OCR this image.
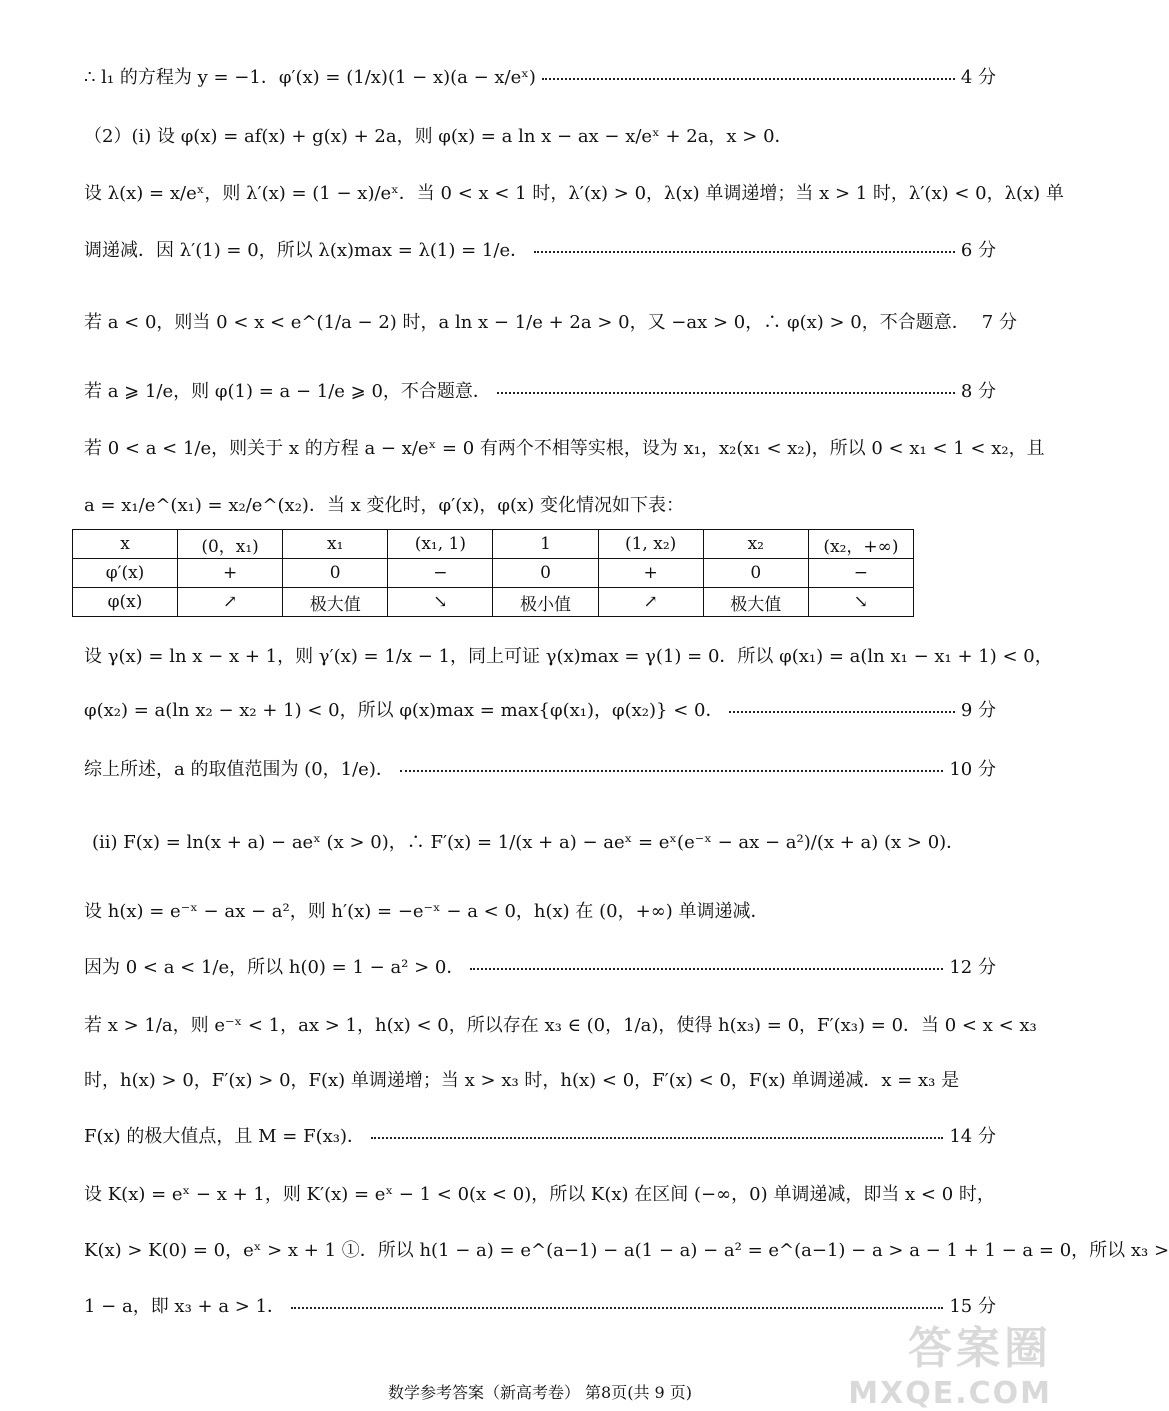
∴ l₁ 的方程为 y = −1．φ′(x) = (1/x)(1 − x)(a − x/eˣ)	4 分
（2）(i) 设 φ(x) = af(x) + g(x) + 2a，则 φ(x) = a ln x − ax − x/eˣ + 2a，x > 0．
设 λ(x) = x/eˣ，则 λ′(x) = (1 − x)/eˣ．当 0 < x < 1 时，λ′(x) > 0，λ(x) 单调递增；当 x > 1 时，λ′(x) < 0，λ(x) 单
调递减．因 λ′(1) = 0，所以 λ(x)max = λ(1) = 1/e．	6 分
若 a < 0，则当 0 < x < e^(1/a − 2) 时，a ln x − 1/e + 2a > 0，又 −ax > 0，∴ φ(x) > 0，不合题意． 7 分
若 a ⩾ 1/e，则 φ(1) = a − 1/e ⩾ 0，不合题意．	8 分
若 0 < a < 1/e，则关于 x 的方程 a − x/eˣ = 0 有两个不相等实根，设为 x₁，x₂(x₁ < x₂)，所以 0 < x₁ < 1 < x₂，且
a = x₁/e^(x₁) = x₂/e^(x₂)．当 x 变化时，φ′(x)，φ(x) 变化情况如下表：
x	(0，x₁)	x₁	(x₁, 1)	1	(1, x₂)	x₂	(x₂，+∞)
φ′(x)	+	0	−	0	+	0	−
φ(x)	↗	极大值	↘	极小值	↗	极大值	↘
设 γ(x) = ln x − x + 1，则 γ′(x) = 1/x − 1，同上可证 γ(x)max = γ(1) = 0．所以 φ(x₁) = a(ln x₁ − x₁ + 1) < 0，
φ(x₂) = a(ln x₂ − x₂ + 1) < 0，所以 φ(x)max = max{φ(x₁)，φ(x₂)} < 0．	9 分
综上所述，a 的取值范围为 (0，1/e)．	10 分
(ii) F(x) = ln(x + a) − aeˣ (x > 0)，∴ F′(x) = 1/(x + a) − aeˣ = eˣ(e⁻ˣ − ax − a²)/(x + a) (x > 0)．
设 h(x) = e⁻ˣ − ax − a²，则 h′(x) = −e⁻ˣ − a < 0，h(x) 在 (0，+∞) 单调递减．
因为 0 < a < 1/e，所以 h(0) = 1 − a² > 0．	12 分
若 x > 1/a，则 e⁻ˣ < 1，ax > 1，h(x) < 0，所以存在 x₃ ∈ (0，1/a)，使得 h(x₃) = 0，F′(x₃) = 0．当 0 < x < x₃
时，h(x) > 0，F′(x) > 0，F(x) 单调递增；当 x > x₃ 时，h(x) < 0，F′(x) < 0，F(x) 单调递减．x = x₃ 是
F(x) 的极大值点，且 M = F(x₃)．	14 分
设 K(x) = eˣ − x + 1，则 K′(x) = eˣ − 1 < 0(x < 0)，所以 K(x) 在区间 (−∞，0) 单调递减，即当 x < 0 时，
K(x) > K(0) = 0，eˣ > x + 1 ①．所以 h(1 − a) = e^(a−1) − a(1 − a) − a² = e^(a−1) − a > a − 1 + 1 − a = 0，所以 x₃ >
1 − a，即 x₃ + a > 1．	15 分
答案圈
MXQE.COM
数学参考答案（新高考卷） 第8页(共 9 页)
